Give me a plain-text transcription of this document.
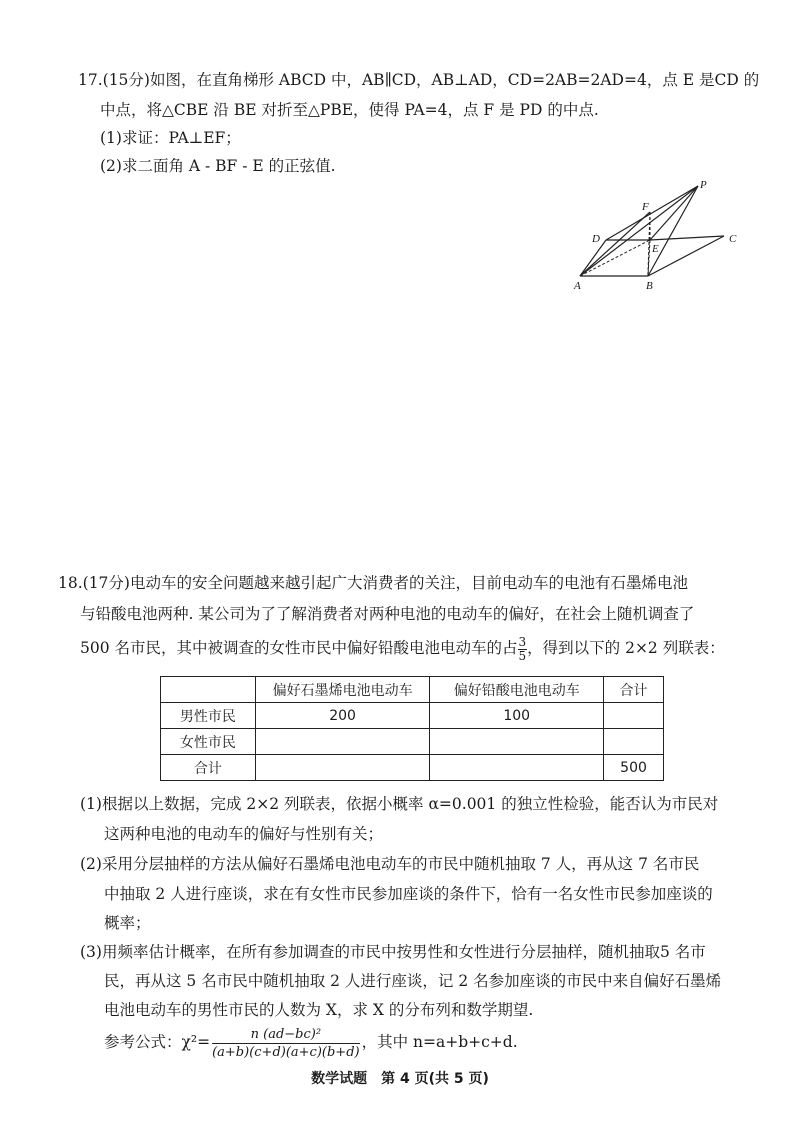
17.(15分)如图，在直角梯形 ABCD 中，AB∥CD，AB⊥AD，CD=2AB=2AD=4，点 E 是CD 的
中点，将△CBE 沿 BE 对折至△PBE，使得 PA=4，点 F 是 PD 的中点.
(1)求证：PA⊥EF；
(2)求二面角 A - BF - E 的正弦值.
P
F
D
E
C
A	B
18.(17分)电动车的安全问题越来越引起广大消费者的关注，目前电动车的电池有石墨烯电池
与铅酸电池两种. 某公司为了了解消费者对两种电池的电动车的偏好，在社会上随机调查了
500 名市民，其中被调查的女性市民中偏好铅酸电池电动车的占 $\frac{3}{5}$ ，得到以下的 2×2 列联表：
	偏好石墨烯电池电动车	偏好铅酸电池电动车	合计
男性市民	200	100	
女性市民			
合计			500
(1)根据以上数据，完成 2×2 列联表，依据小概率 α=0.001 的独立性检验，能否认为市民对
这两种电池的电动车的偏好与性别有关；
(2)采用分层抽样的方法从偏好石墨烯电池电动车的市民中随机抽取 7 人，再从这 7 名市民
中抽取 2 人进行座谈，求在有女性市民参加座谈的条件下，恰有一名女性市民参加座谈的
概率；
(3)用频率估计概率，在所有参加调查的市民中按男性和女性进行分层抽样，随机抽取5 名市
民，再从这 5 名市民中随机抽取 2 人进行座谈，记 2 名参加座谈的市民中来自偏好石墨烯
电池电动车的男性市民的人数为 X，求 X 的分布列和数学期望.
参考公式：$\chi^2= \frac{\text{n (ad−bc)²}}{(a+b)(c+d)(a+c)(b+d)}$ ，其中 n=a+b+c+d.
数学试题　第 4 页(共 5 页)
